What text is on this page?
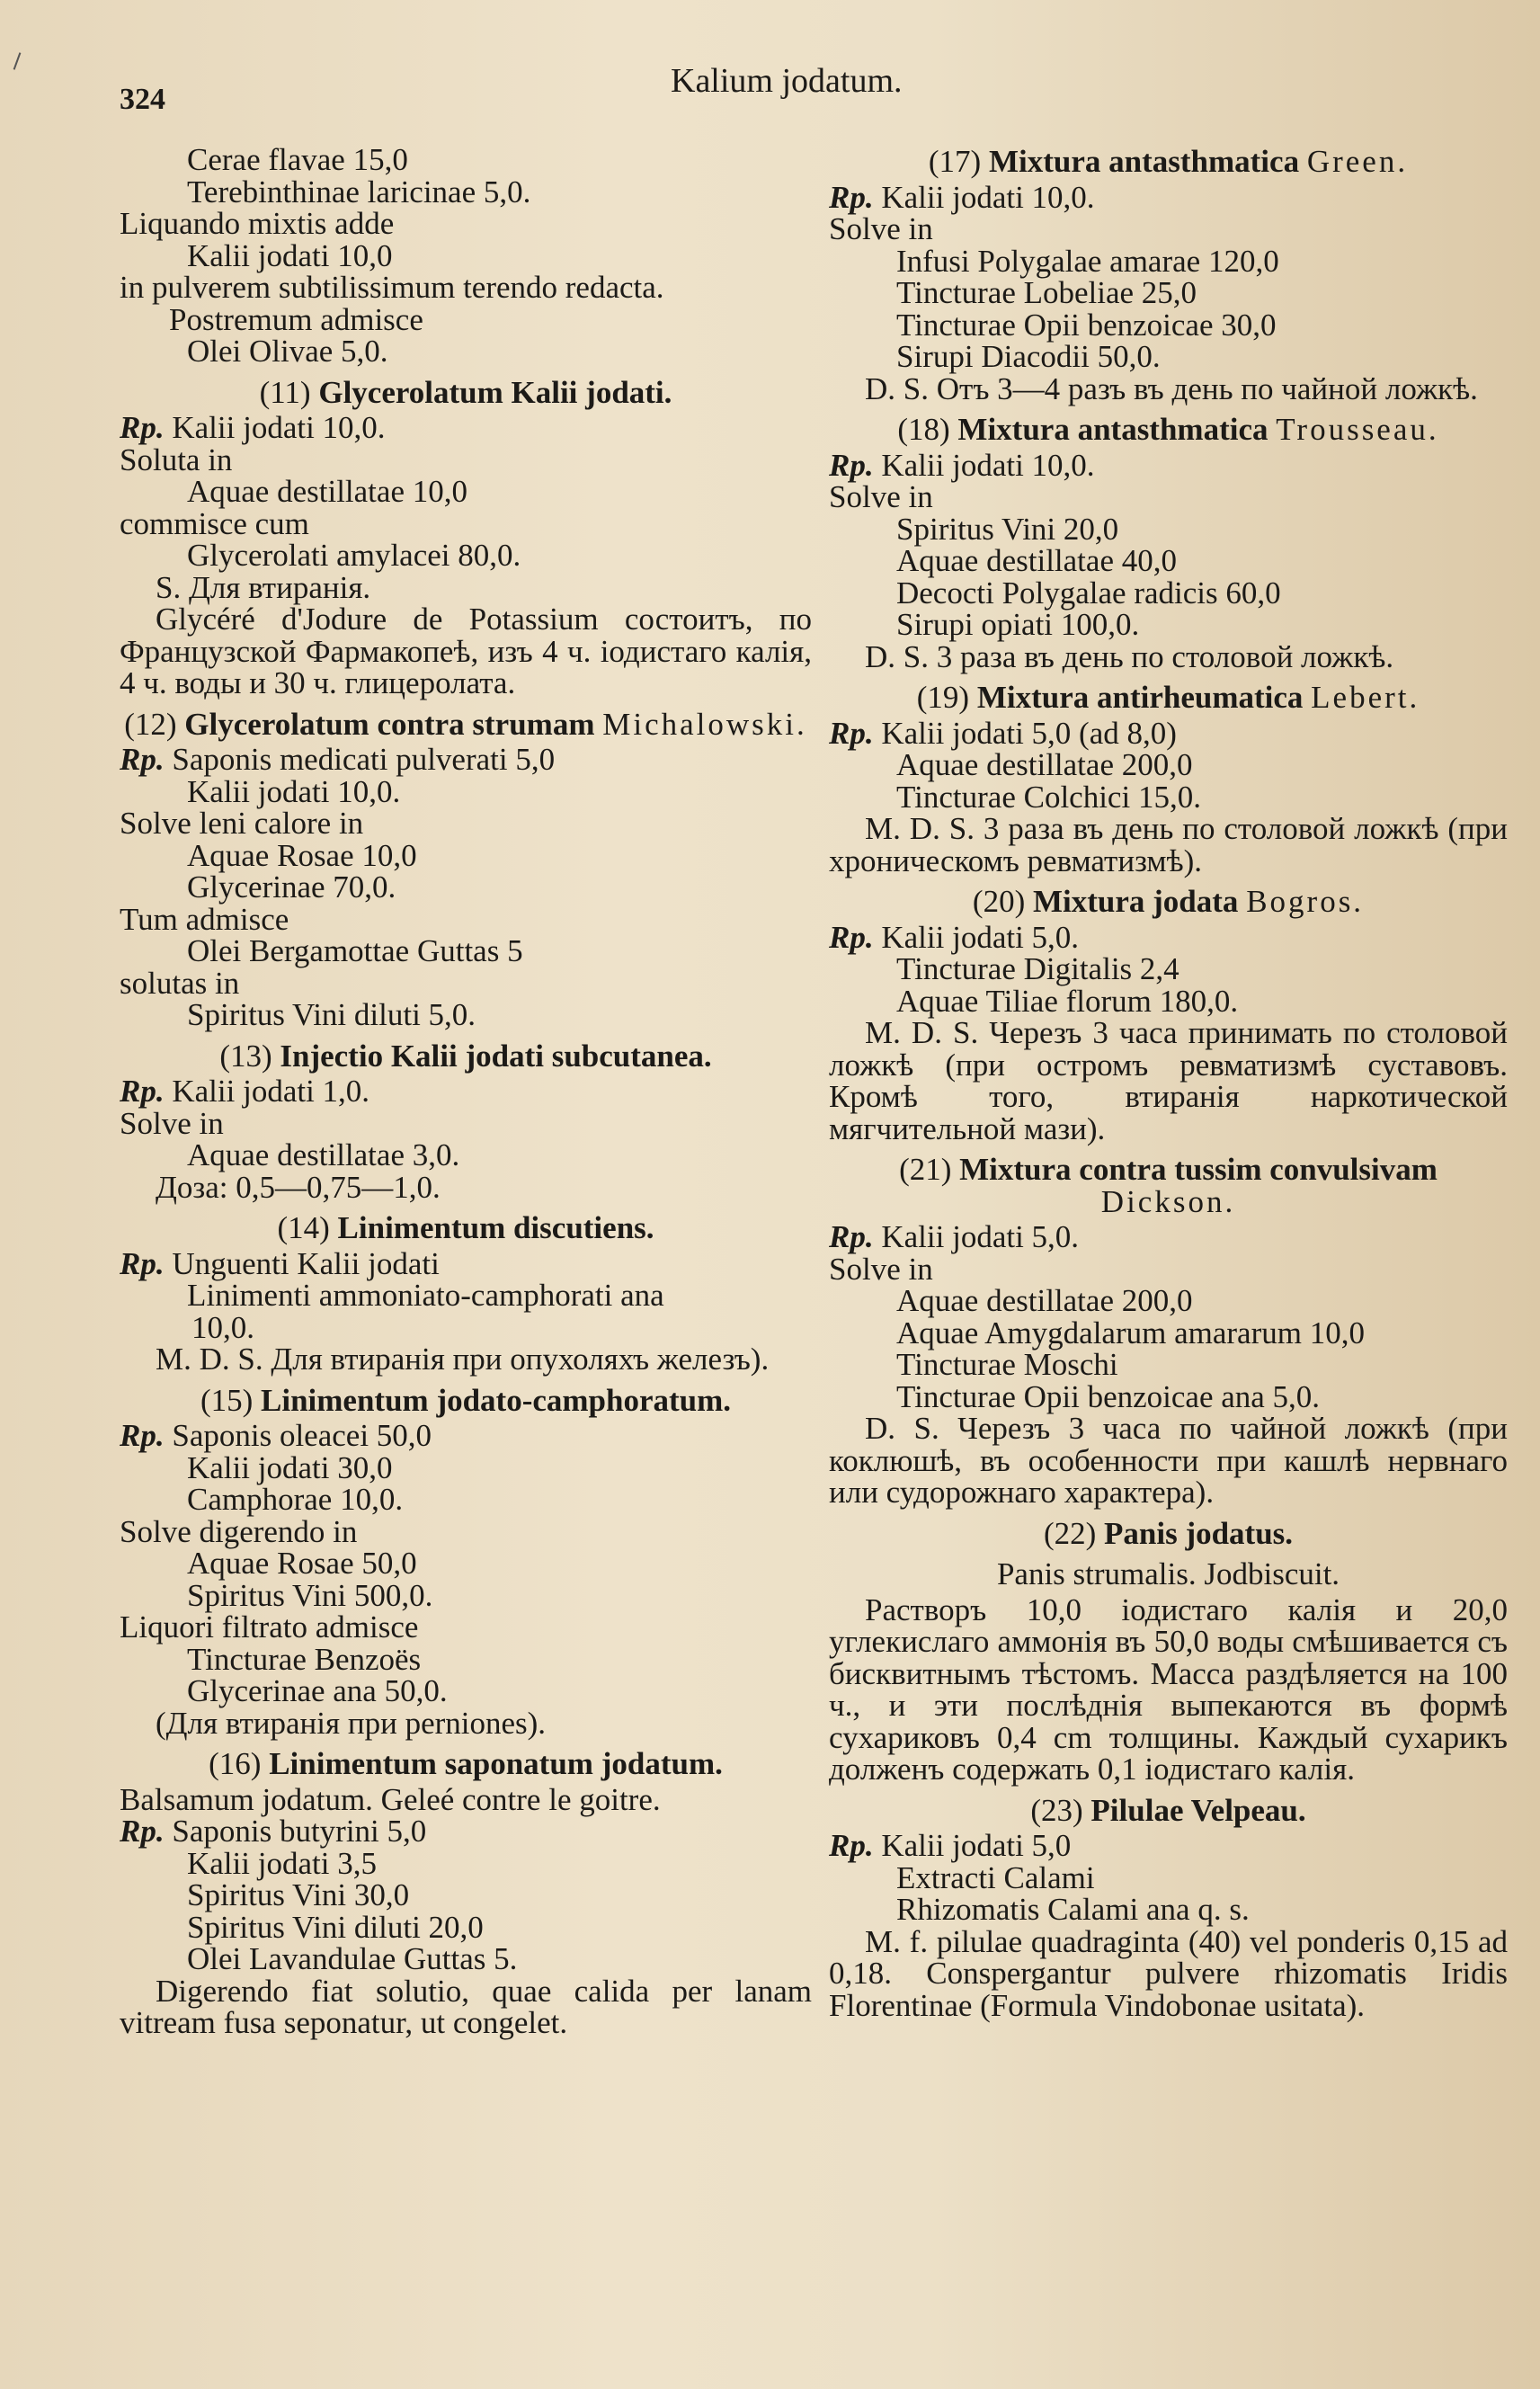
324	Kalium jodatum.

Cerae flavae 15,0

Terebinthinae laricinae 5,0.

Liquando mixtis adde

Kalii jodati 10,0

in pulverem subtilissimum terendo redacta. Postremum admisce

Olei Olivae 5,0.

(11) Glycerolatum Kalii jodati.

Rp. Kalii jodati 10,0.

Soluta in

Aquae destillatae 10,0

commisce cum

Glycerolati amylacei 80,0.

S. Для втиранія.

Glycéré d'Jodure de Potassium состоитъ, по Французской Фармакопеѣ, изъ 4 ч. іодистаго калія, 4 ч. воды и 30 ч. глицеролата.

(12) Glycerolatum contra strumam Michalowski.

Rp. Saponis medicati pulverati 5,0

Kalii jodati 10,0.

Solve leni calore in

Aquae Rosae 10,0

Glycerinae 70,0.

Tum admisce

Olei Bergamottae Guttas 5

solutas in

Spiritus Vini diluti 5,0.

(13) Injectio Kalii jodati subcutanea.

Rp. Kalii jodati 1,0.

Solve in

Aquae destillatae 3,0.

Доза: 0,5—0,75—1,0.

(14) Linimentum discutiens.

Rp. Unguenti Kalii jodati

Linimenti ammoniato-camphorati ana

10,0.

M. D. S. Для втиранія при опухоляхъ железъ).

(15) Linimentum jodato-camphoratum.

Rp. Saponis oleacei 50,0

Kalii jodati 30,0

Camphorae 10,0.

Solve digerendo in

Aquae Rosae 50,0

Spiritus Vini 500,0.

Liquori filtrato admisce

Tincturae Benzoës

Glycerinae ana 50,0.

(Для втиранія при perniones).

(16) Linimentum saponatum jodatum.

Balsamum jodatum. Geleé contre le goitre.

Rp. Saponis butyrini 5,0

Kalii jodati 3,5

Spiritus Vini 30,0

Spiritus Vini diluti 20,0

Olei Lavandulae Guttas 5.

Digerendo fiat solutio, quae calida per lanam vitream fusa seponatur, ut congelet.

(17) Mixtura antasthmatica Green.

Rp. Kalii jodati 10,0.

Solve in

Infusi Polygalae amarae 120,0

Tincturae Lobeliae 25,0

Tincturae Opii benzoicae 30,0

Sirupi Diacodii 50,0.

D. S. Отъ 3—4 разъ въ день по чайной ложкѣ.

(18) Mixtura antasthmatica Trousseau.

Rp. Kalii jodati 10,0.

Solve in

Spiritus Vini 20,0

Aquae destillatae 40,0

Decocti Polygalae radicis 60,0

Sirupi opiati 100,0.

D. S. 3 раза въ день по столовой ложкѣ.

(19) Mixtura antirheumatica Lebert.

Rp. Kalii jodati 5,0 (ad 8,0)

Aquae destillatae 200,0

Tincturae Colchici 15,0.

M. D. S. 3 раза въ день по столовой ложкѣ (при хроническомъ ревматизмѣ).

(20) Mixtura jodata Bogros.

Rp. Kalii jodati 5,0.

Tincturae Digitalis 2,4

Aquae Tiliae florum 180,0.

M. D. S. Черезъ 3 часа принимать по столовой ложкѣ (при остромъ ревматизмѣ суставовъ. Кромѣ того, втиранія наркотической мягчительной мази).

(21) Mixtura contra tussim convulsivam Dickson.

Rp. Kalii jodati 5,0.

Solve in

Aquae destillatae 200,0

Aquae Amygdalarum amararum 10,0

Tincturae Moschi

Tincturae Opii benzoicae ana 5,0.

D. S. Черезъ 3 часа по чайной ложкѣ (при коклюшѣ, въ особенности при кашлѣ нервнаго или судорожнаго характера).

(22) Panis jodatus.

Panis strumalis. Jodbiscuit.

Растворъ 10,0 іодистаго калія и 20,0 углекислаго аммонія въ 50,0 воды смѣшивается съ бисквитнымъ тѣстомъ. Масса раздѣляется на 100 ч., и эти послѣднія выпекаются въ формѣ сухариковъ 0,4 cm толщины. Каждый сухарикъ долженъ содержать 0,1 іодистаго калія.

(23) Pilulae Velpeau.

Rp. Kalii jodati 5,0

Extracti Calami

Rhizomatis Calami ana q. s.

M. f. pilulae quadraginta (40) vel ponderis 0,15 ad 0,18. Conspergantur pulvere rhizomatis Iridis Florentinae (Formula Vindobonae usitata).
